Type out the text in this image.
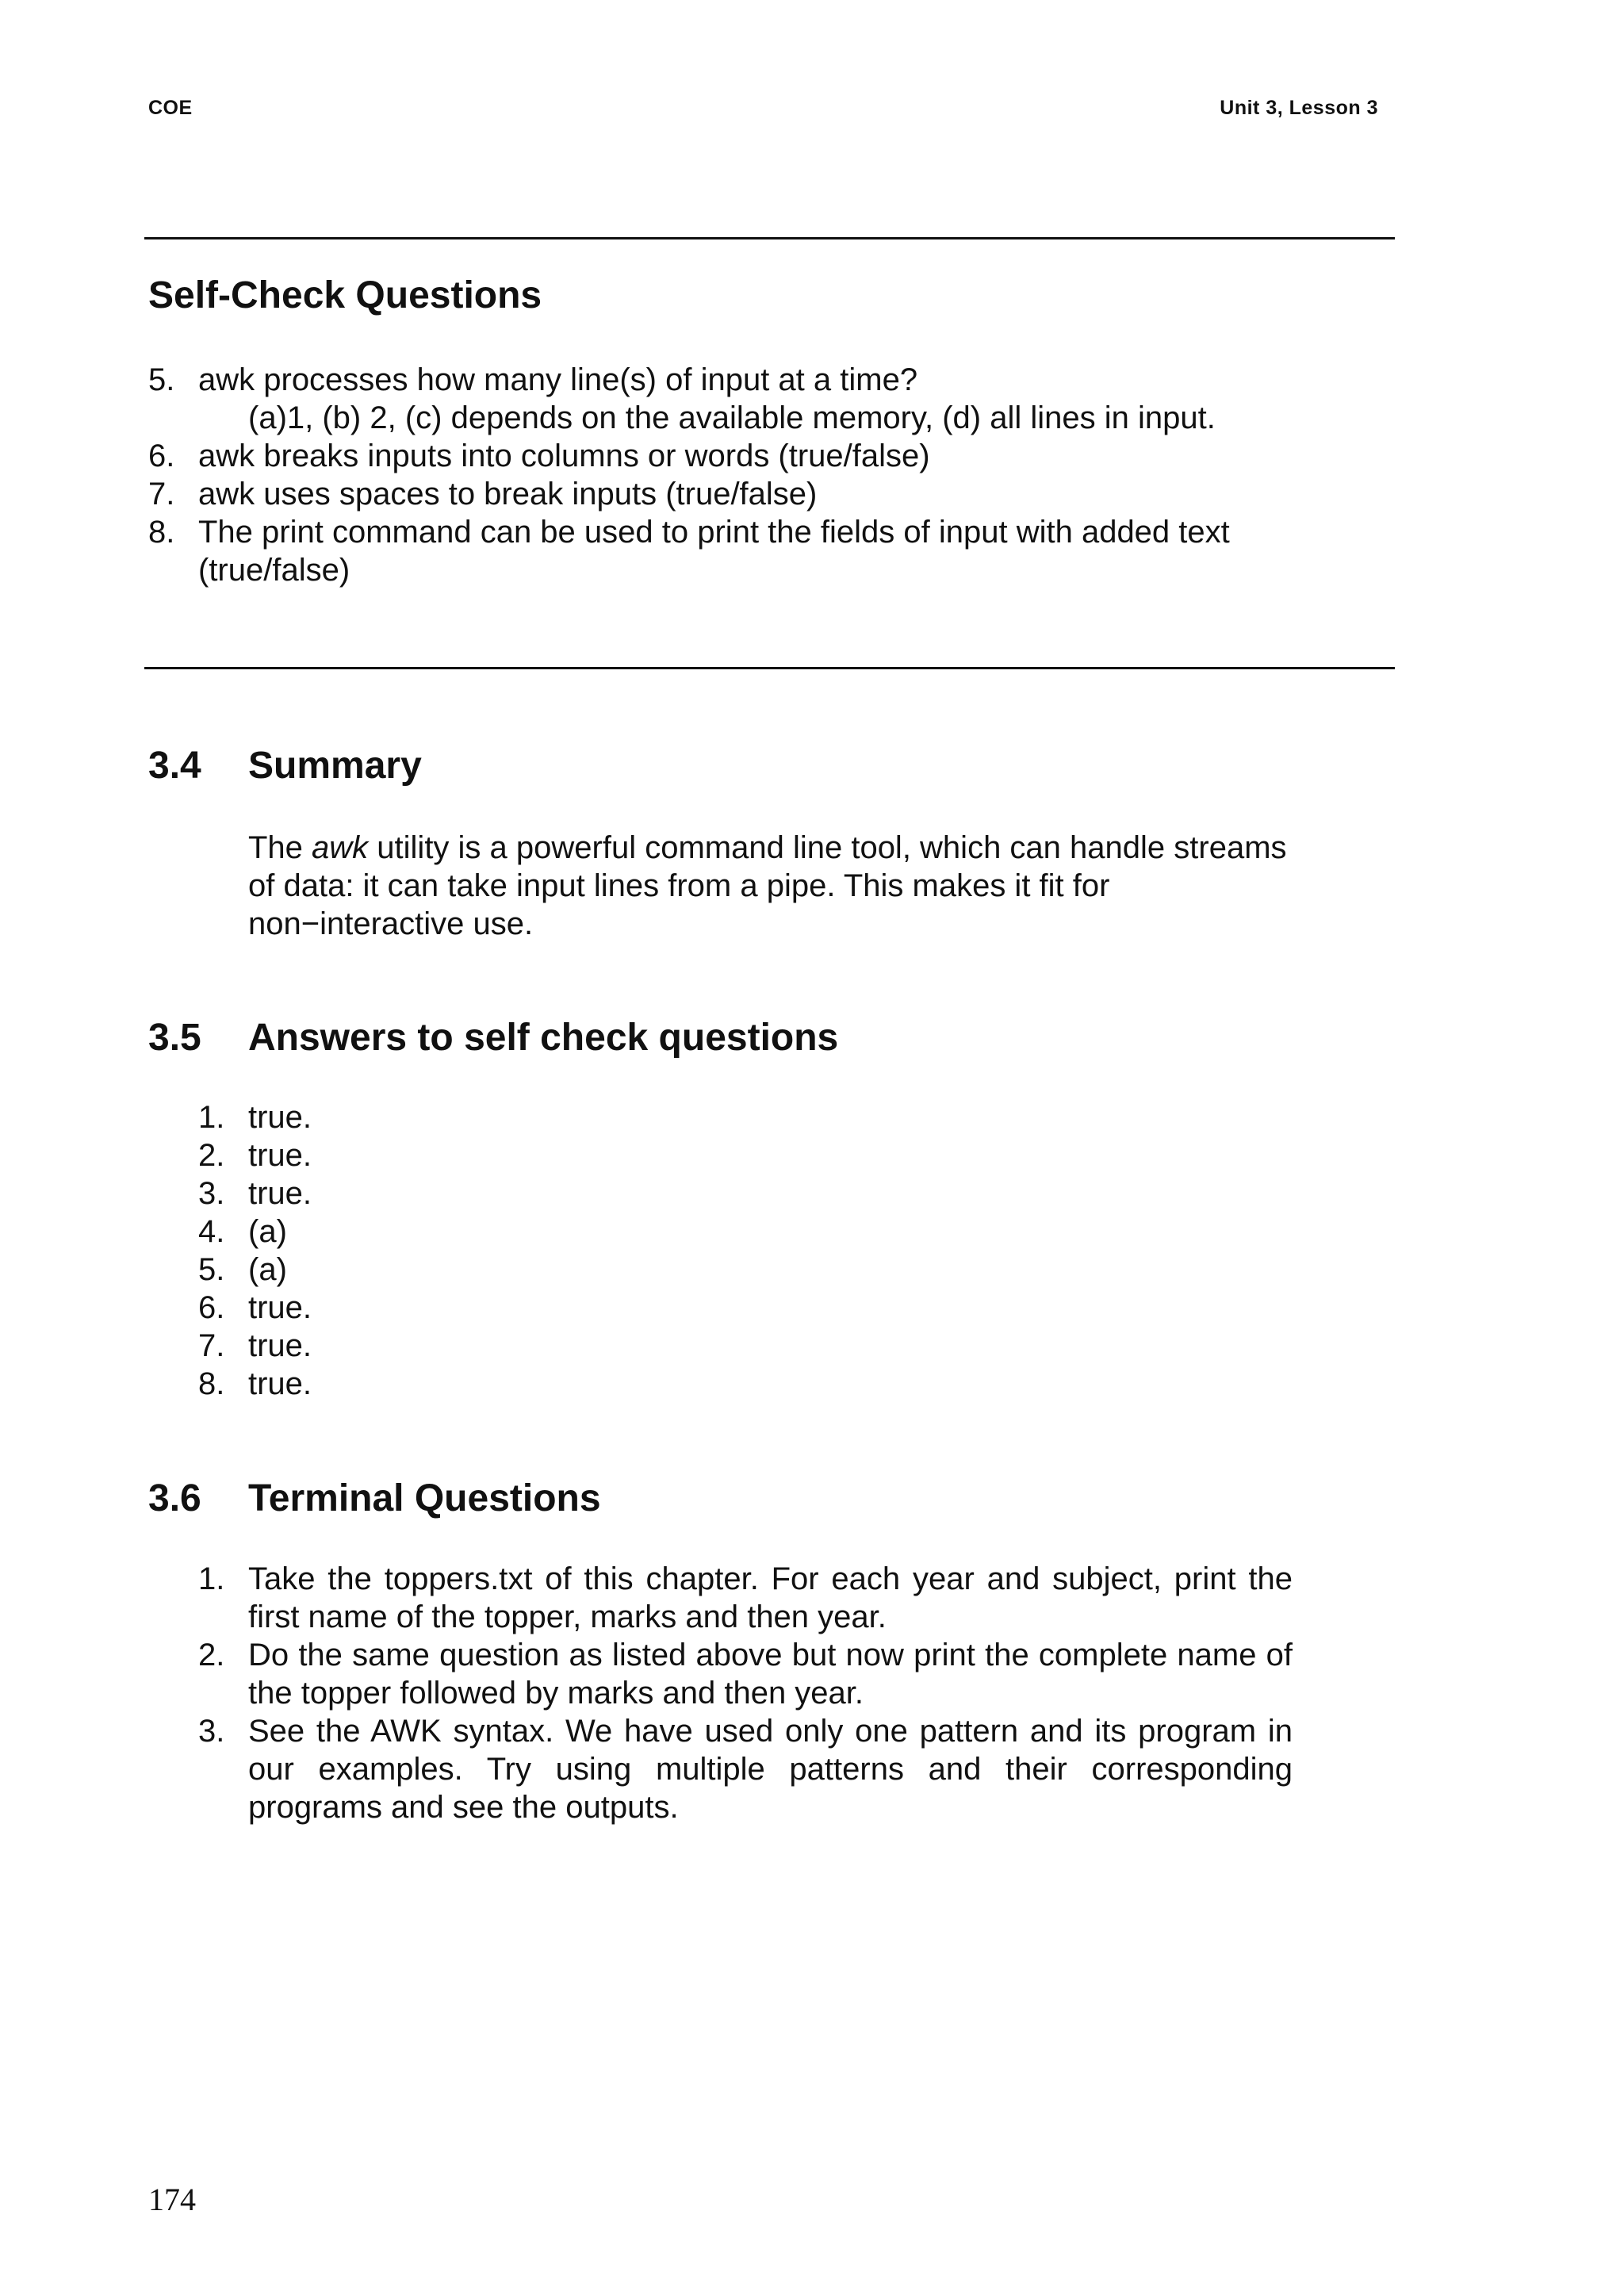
COE	Unit 3, Lesson 3
Self-Check Questions
5. awk processes how many line(s) of input at a time?
(a)1, (b) 2, (c) depends on the available memory, (d) all lines in input.
6. awk breaks inputs into columns or words (true/false)
7. awk uses spaces to break inputs (true/false)
8. The print command can be used to print the fields of input with added text (true/false)
3.4 Summary

The awk utility is a powerful command line tool, which can handle streams of data: it can take input lines from a pipe. This makes it fit for non−interactive use.

3.5 Answers to self check questions
1. true.
2. true.
3. true.
4. (a)
5. (a)
6. true.
7. true.
8. true.
3.6 Terminal Questions
1. Take the toppers.txt of this chapter. For each year and subject, print the first name of the topper, marks and then year.
2. Do the same question as listed above but now print the complete name of the topper followed by marks and then year.
3. See the AWK syntax. We have used only one pattern and its program in our examples. Try using multiple patterns and their corresponding programs and see the outputs.
174
